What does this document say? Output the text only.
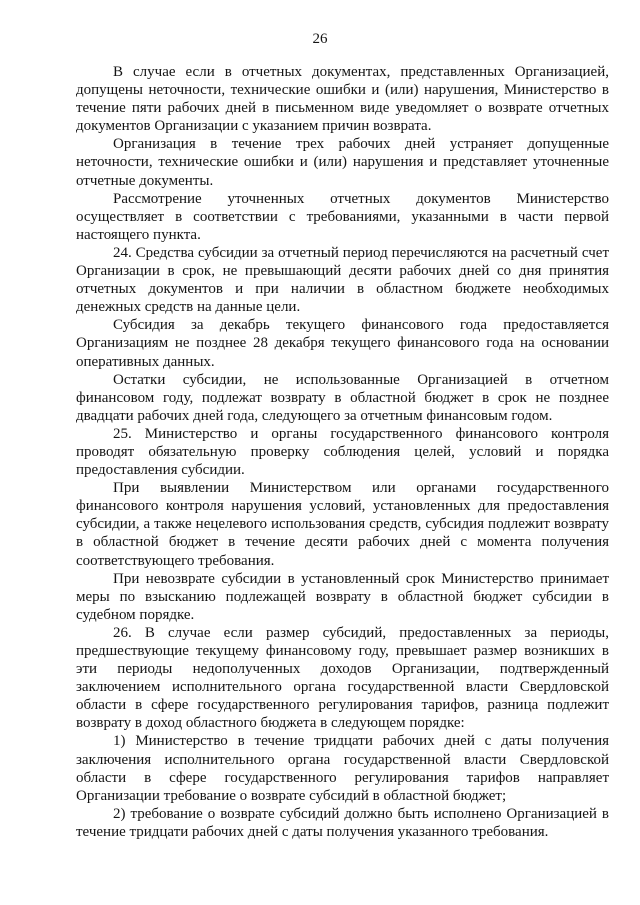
26

В случае если в отчетных документах, представленных Организацией, допущены неточности, технические ошибки и (или) нарушения, Министерство в течение пяти рабочих дней в письменном виде уведомляет о возврате отчетных документов Организации с указанием причин возврата.

Организация в течение трех рабочих дней устраняет допущенные неточности, технические ошибки и (или) нарушения и представляет уточненные отчетные документы.

Рассмотрение уточненных отчетных документов Министерство осуществляет в соответствии с требованиями, указанными в части первой настоящего пункта.

24. Средства субсидии за отчетный период перечисляются на расчетный счет Организации в срок, не превышающий десяти рабочих дней со дня принятия отчетных документов и при наличии в областном бюджете необходимых денежных средств на данные цели.

Субсидия за декабрь текущего финансового года предоставляется Организациям не позднее 28 декабря текущего финансового года на основании оперативных данных.

Остатки субсидии, не использованные Организацией в отчетном финансовом году, подлежат возврату в областной бюджет в срок не позднее двадцати рабочих дней года, следующего за отчетным финансовым годом.

25. Министерство и органы государственного финансового контроля проводят обязательную проверку соблюдения целей, условий и порядка предоставления субсидии.

При выявлении Министерством или органами государственного финансового контроля нарушения условий, установленных для предоставления субсидии, а также нецелевого использования средств, субсидия подлежит возврату в областной бюджет в течение десяти рабочих дней с момента получения соответствующего требования.

При невозврате субсидии в установленный срок Министерство принимает меры по взысканию подлежащей возврату в областной бюджет субсидии в судебном порядке.

26. В случае если размер субсидий, предоставленных за периоды, предшествующие текущему финансовому году, превышает размер возникших в эти периоды недополученных доходов Организации, подтвержденный заключением исполнительного органа государственной власти Свердловской области в сфере государственного регулирования тарифов, разница подлежит возврату в доход областного бюджета в следующем порядке:

1) Министерство в течение тридцати рабочих дней с даты получения заключения исполнительного органа государственной власти Свердловской области в сфере государственного регулирования тарифов направляет Организации требование о возврате субсидий в областной бюджет;

2) требование о возврате субсидий должно быть исполнено Организацией в течение тридцати рабочих дней с даты получения указанного требования.
